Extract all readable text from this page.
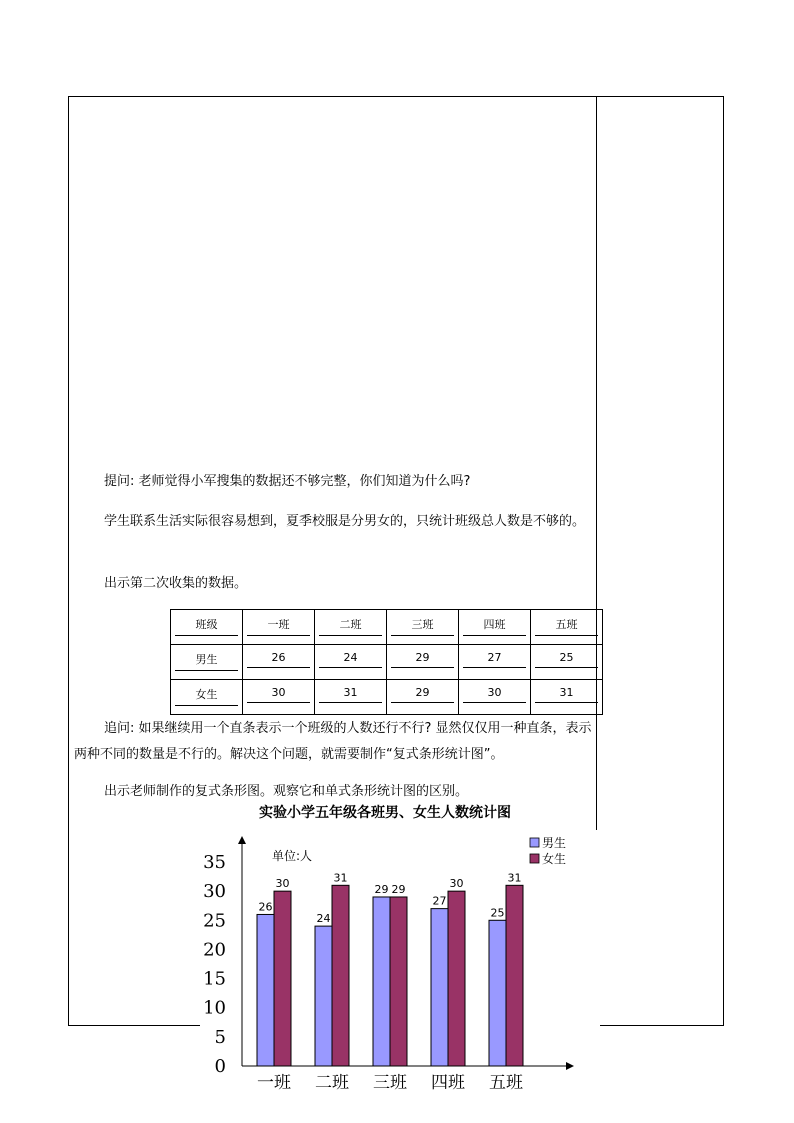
提问: 老师觉得小军搜集的数据还不够完整，你们知道为什么吗?
学生联系生活实际很容易想到，夏季校服是分男女的，只统计班级总人数是不够的。
出示第二次收集的数据。
班级	一班	二班	三班	四班	五班

男生	26	24	29	27	25

女生	30	31	29	30	31
追问: 如果继续用一个直条表示一个班级的人数还行不行? 显然仅仅用一种直条，表示两种不同的数量是不行的。解决这个问题，就需要制作“复式条形统计图”。
出示老师制作的复式条形图。观察它和单式条形统计图的区别。
实验小学五年级各班男、女生人数统计图
0
5
10
15
20
25
30
35	单位:人
26
30
一班
24
31
二班
29 29
三班
27
30
四班
25
31
五班
男生
女生
